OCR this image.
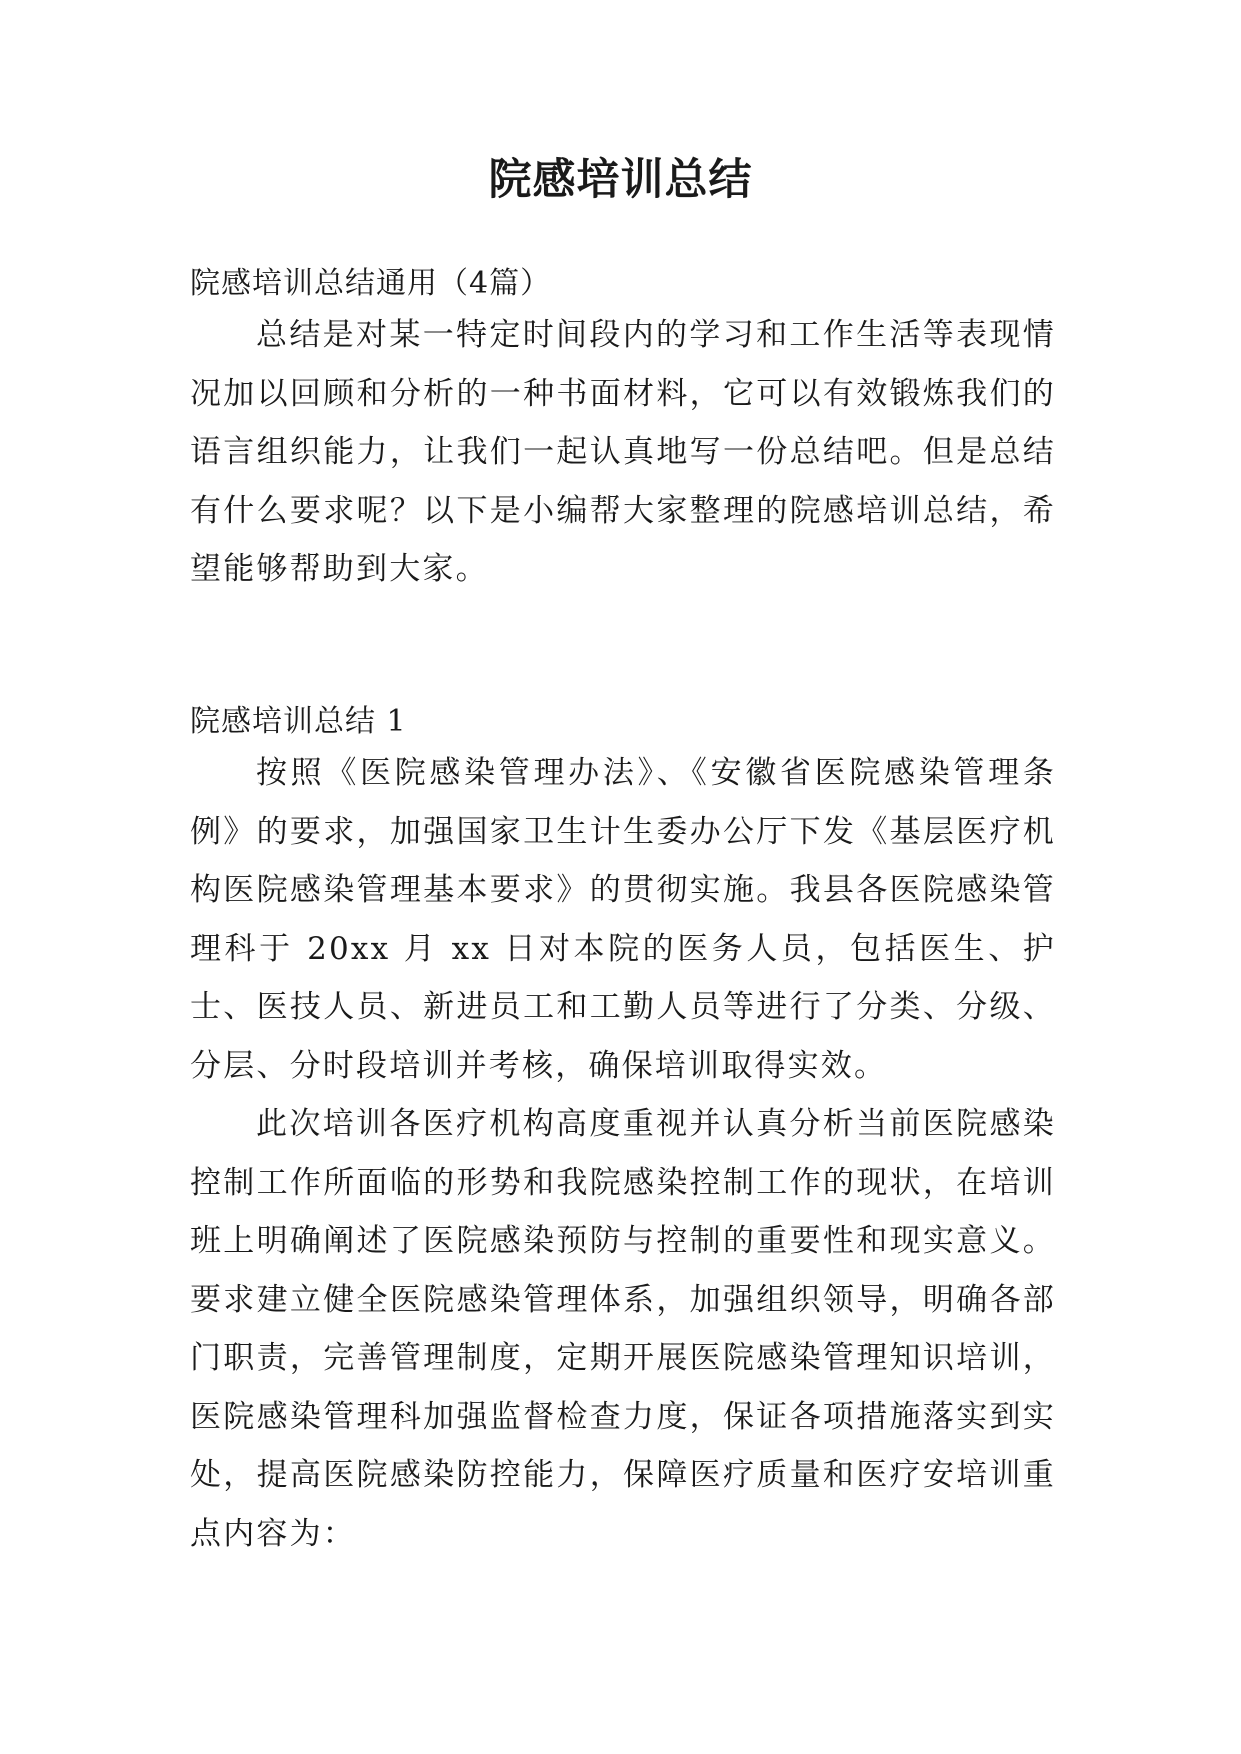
院感培训总结

院感培训总结通用（4篇）

总结是对某一特定时间段内的学习和工作生活等表现情况加以回顾和分析的一种书面材料，它可以有效锻炼我们的语言组织能力，让我们一起认真地写一份总结吧。但是总结有什么要求呢？以下是小编帮大家整理的院感培训总结，希望能够帮助到大家。

院感培训总结 1

按照《医院感染管理办法》、《安徽省医院感染管理条例》的要求，加强国家卫生计生委办公厅下发《基层医疗机构医院感染管理基本要求》的贯彻实施。我县各医院感染管理科于 20xx 月 xx 日对本院的医务人员，包括医生、护士、医技人员、新进员工和工勤人员等进行了分类、分级、分层、分时段培训并考核，确保培训取得实效。

此次培训各医疗机构高度重视并认真分析当前医院感染控制工作所面临的形势和我院感染控制工作的现状，在培训班上明确阐述了医院感染预防与控制的重要性和现实意义。要求建立健全医院感染管理体系，加强组织领导，明确各部门职责，完善管理制度，定期开展医院感染管理知识培训，医院感染管理科加强监督检查力度，保证各项措施落实到实处，提高医院感染防控能力，保障医疗质量和医疗安培训重点内容为：
